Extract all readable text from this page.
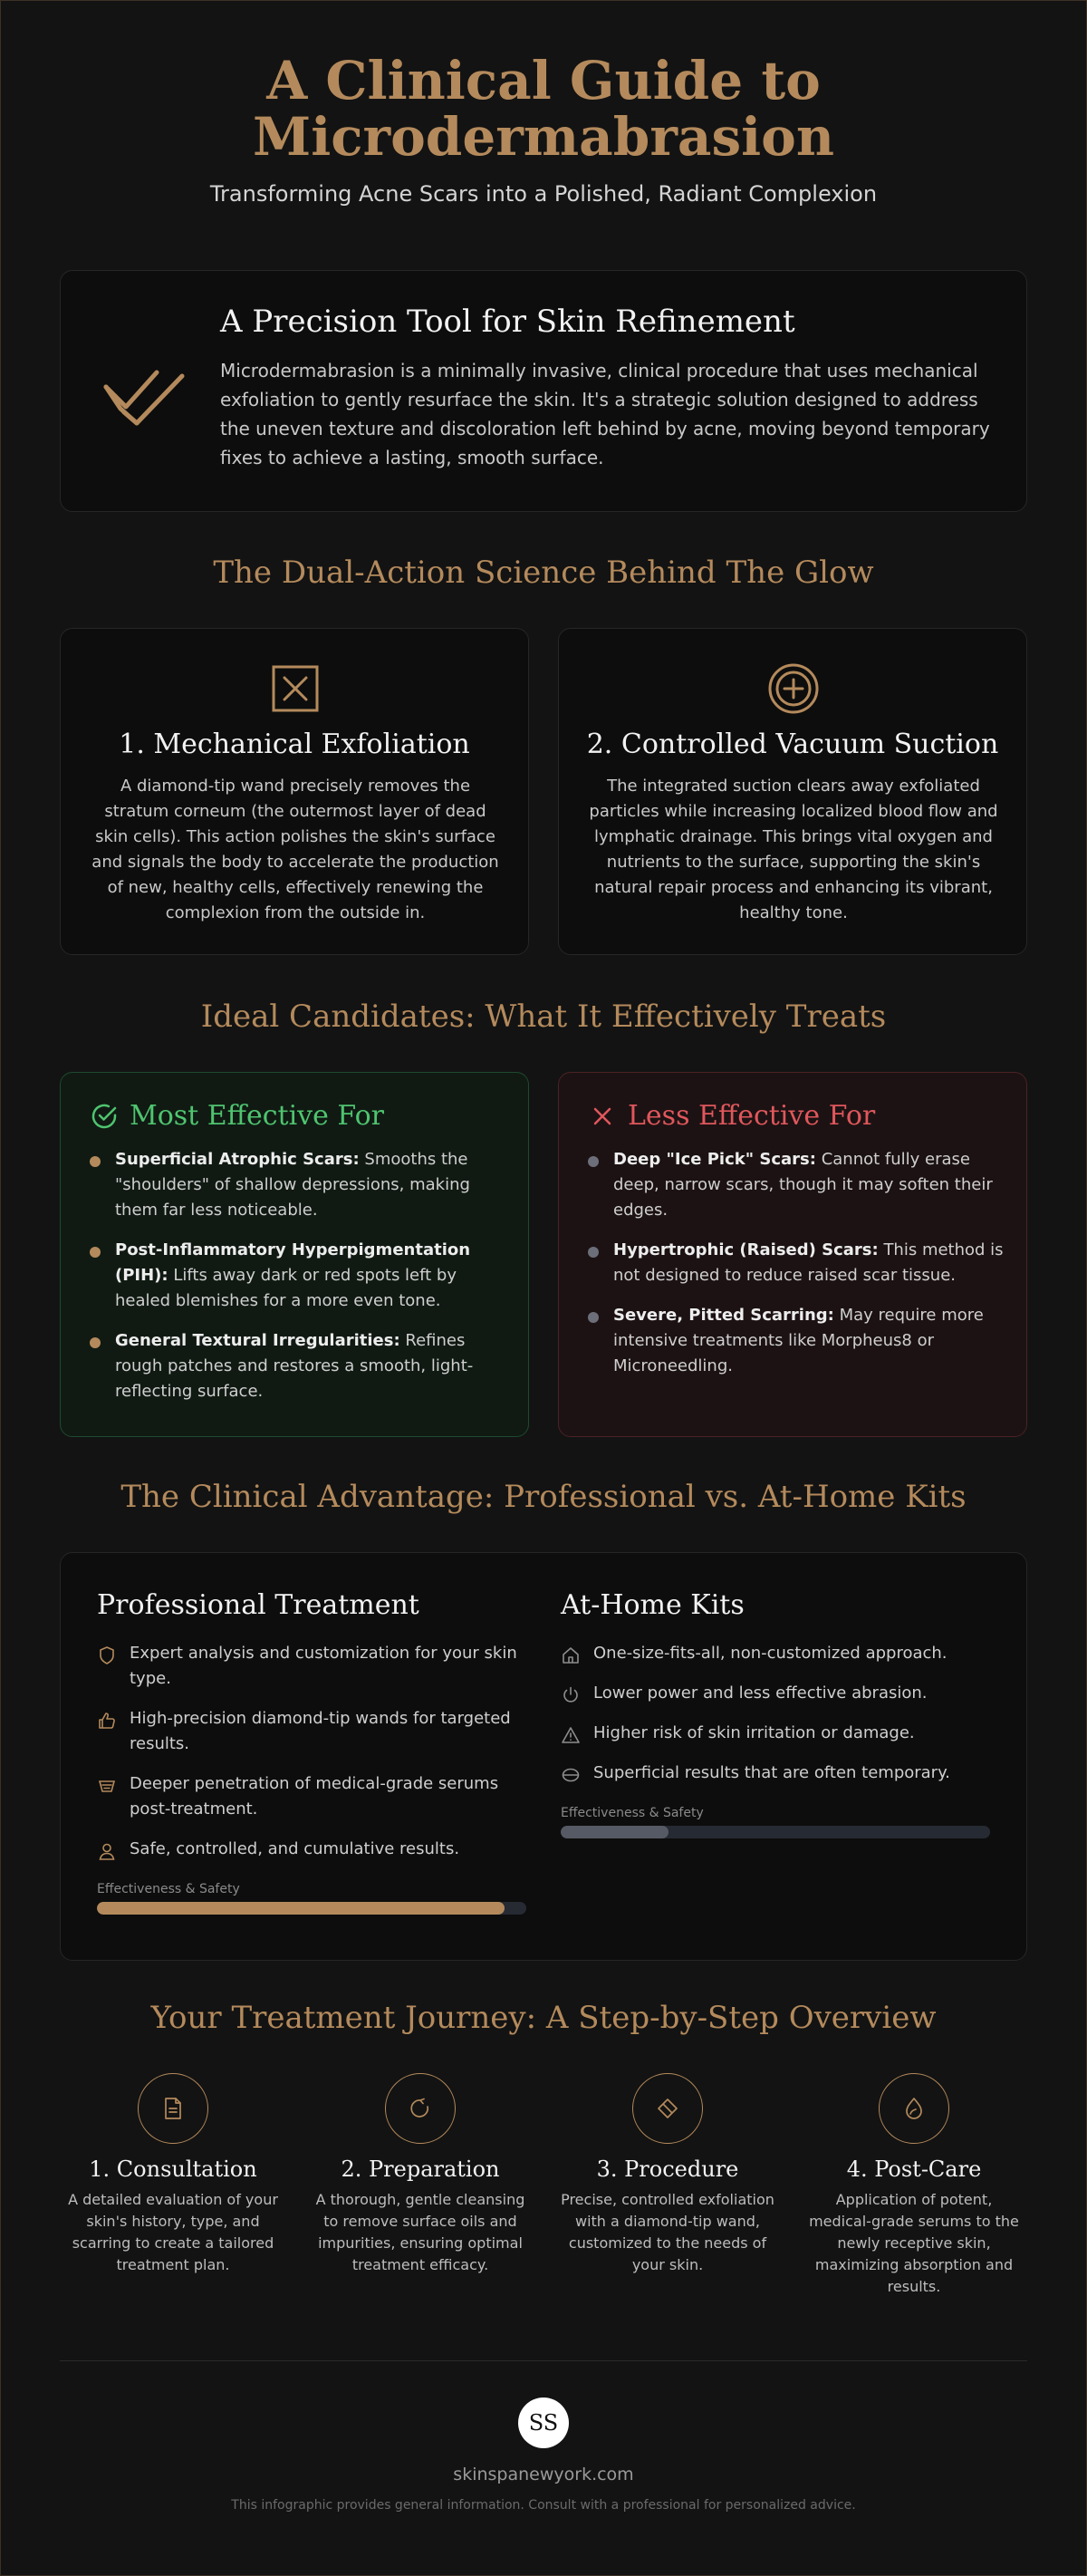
A Clinical Guide to
Microdermabrasion
Transforming Acne Scars into a Polished, Radiant Complexion
A Precision Tool for Skin Refinement

Microdermabrasion is a minimally invasive, clinical procedure that uses mechanical exfoliation to gently resurface the skin. It's a strategic solution designed to address the uneven texture and discoloration left behind by acne, moving beyond temporary fixes to achieve a lasting, smooth surface.

The Dual-Action Science Behind The Glow
1. Mechanical Exfoliation

A diamond-tip wand precisely removes the stratum corneum (the outermost layer of dead skin cells). This action polishes the skin's surface and signals the body to accelerate the production of new, healthy cells, effectively renewing the complexion from the outside in.

2. Controlled Vacuum Suction

The integrated suction clears away exfoliated particles while increasing localized blood flow and lymphatic drainage. This brings vital oxygen and nutrients to the surface, supporting the skin's natural repair process and enhancing its vibrant, healthy tone.

Ideal Candidates: What It Effectively Treats
Most Effective For
Superficial Atrophic Scars: Smooths the "shoulders" of shallow depressions, making them far less noticeable.
Post-Inflammatory Hyperpigmentation (PIH): Lifts away dark or red spots left by healed blemishes for a more even tone.
General Textural Irregularities: Refines rough patches and restores a smooth, light-reflecting surface.
Less Effective For
Deep "Ice Pick" Scars: Cannot fully erase deep, narrow scars, though it may soften their edges.
Hypertrophic (Raised) Scars: This method is not designed to reduce raised scar tissue.
Severe, Pitted Scarring: May require more intensive treatments like Morpheus8 or Microneedling.
The Clinical Advantage: Professional vs. At-Home Kits
Professional Treatment
Expert analysis and customization for your skin type.
High-precision diamond-tip wands for targeted results.
Deeper penetration of medical-grade serums post-treatment.
Safe, controlled, and cumulative results.
Effectiveness & Safety
At-Home Kits
One-size-fits-all, non-customized approach.
Lower power and less effective abrasion.
Higher risk of skin irritation or damage.
Superficial results that are often temporary.
Effectiveness & Safety
Your Treatment Journey: A Step-by-Step Overview
1. Consultation

A detailed evaluation of your skin's history, type, and scarring to create a tailored treatment plan.

2. Preparation

A thorough, gentle cleansing to remove surface oils and impurities, ensuring optimal treatment efficacy.

3. Procedure

Precise, controlled exfoliation with a diamond-tip wand, customized to the needs of your skin.

4. Post-Care

Application of potent, medical-grade serums to the newly receptive skin, maximizing absorption and results.

SS
skinspanewyork.com
This infographic provides general information. Consult with a professional for personalized advice.
